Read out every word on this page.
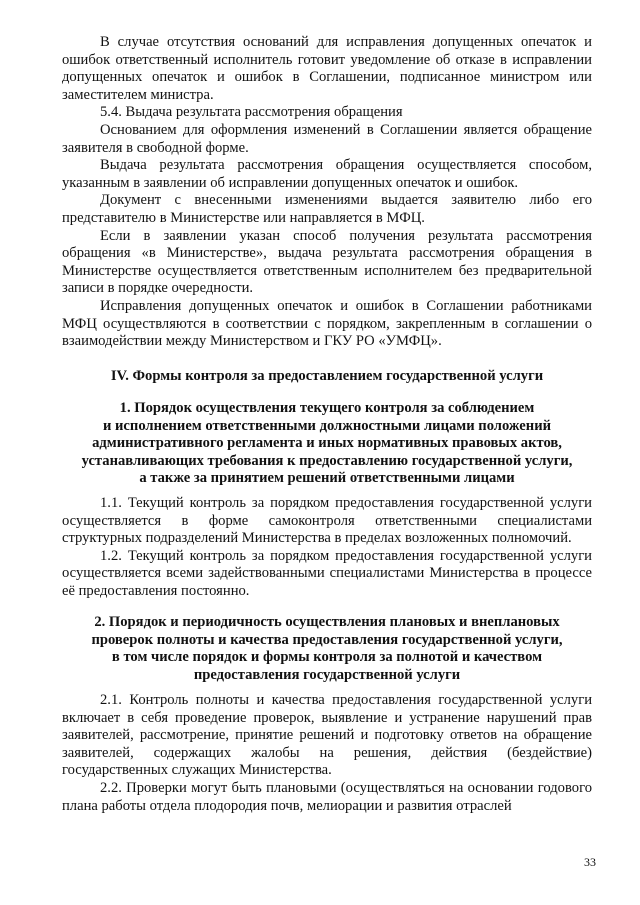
В случае отсутствия оснований для исправления допущенных опечаток и ошибок ответственный исполнитель готовит уведомление об отказе в исправлении допущенных опечаток и ошибок в Соглашении, подписанное министром или заместителем министра.

5.4. Выдача результата рассмотрения обращения

Основанием для оформления изменений в Соглашении является обращение заявителя в свободной форме.

Выдача результата рассмотрения обращения осуществляется способом, указанным в заявлении об исправлении допущенных опечаток и ошибок.

Документ с внесенными изменениями выдается заявителю либо его представителю в Министерстве или направляется в МФЦ.

Если в заявлении указан способ получения результата рассмотрения обращения «в Министерстве», выдача результата рассмотрения обращения в Министерстве осуществляется ответственным исполнителем без предварительной записи в порядке очередности.

Исправления допущенных опечаток и ошибок в Соглашении работниками МФЦ осуществляются в соответствии с порядком, закрепленным в соглашении о взаимодействии между Министерством и ГКУ РО «УМФЦ».

IV. Формы контроля за предоставлением государственной услуги

1. Порядок осуществления текущего контроля за соблюдением

и исполнением ответственными должностными лицами положений

административного регламента и иных нормативных правовых актов,

устанавливающих требования к предоставлению государственной услуги,

а также за принятием решений ответственными лицами

1.1. Текущий контроль за порядком предоставления государственной услуги осуществляется в форме самоконтроля ответственными специалистами структурных подразделений Министерства в пределах возложенных полномочий.

1.2. Текущий контроль за порядком предоставления государственной услуги осуществляется всеми задействованными специалистами Министерства в процессе её предоставления постоянно.

2. Порядок и периодичность осуществления плановых и внеплановых

проверок полноты и качества предоставления государственной услуги,

в том числе порядок и формы контроля за полнотой и качеством

предоставления государственной услуги

2.1. Контроль полноты и качества предоставления государственной услуги включает в себя проведение проверок, выявление и устранение нарушений прав заявителей, рассмотрение, принятие решений и подготовку ответов на обращение заявителей, содержащих жалобы на решения, действия (бездействие) государственных служащих Министерства.

2.2. Проверки могут быть плановыми (осуществляться на основании годового плана работы отдела плодородия почв, мелиорации и развития отраслей

33
